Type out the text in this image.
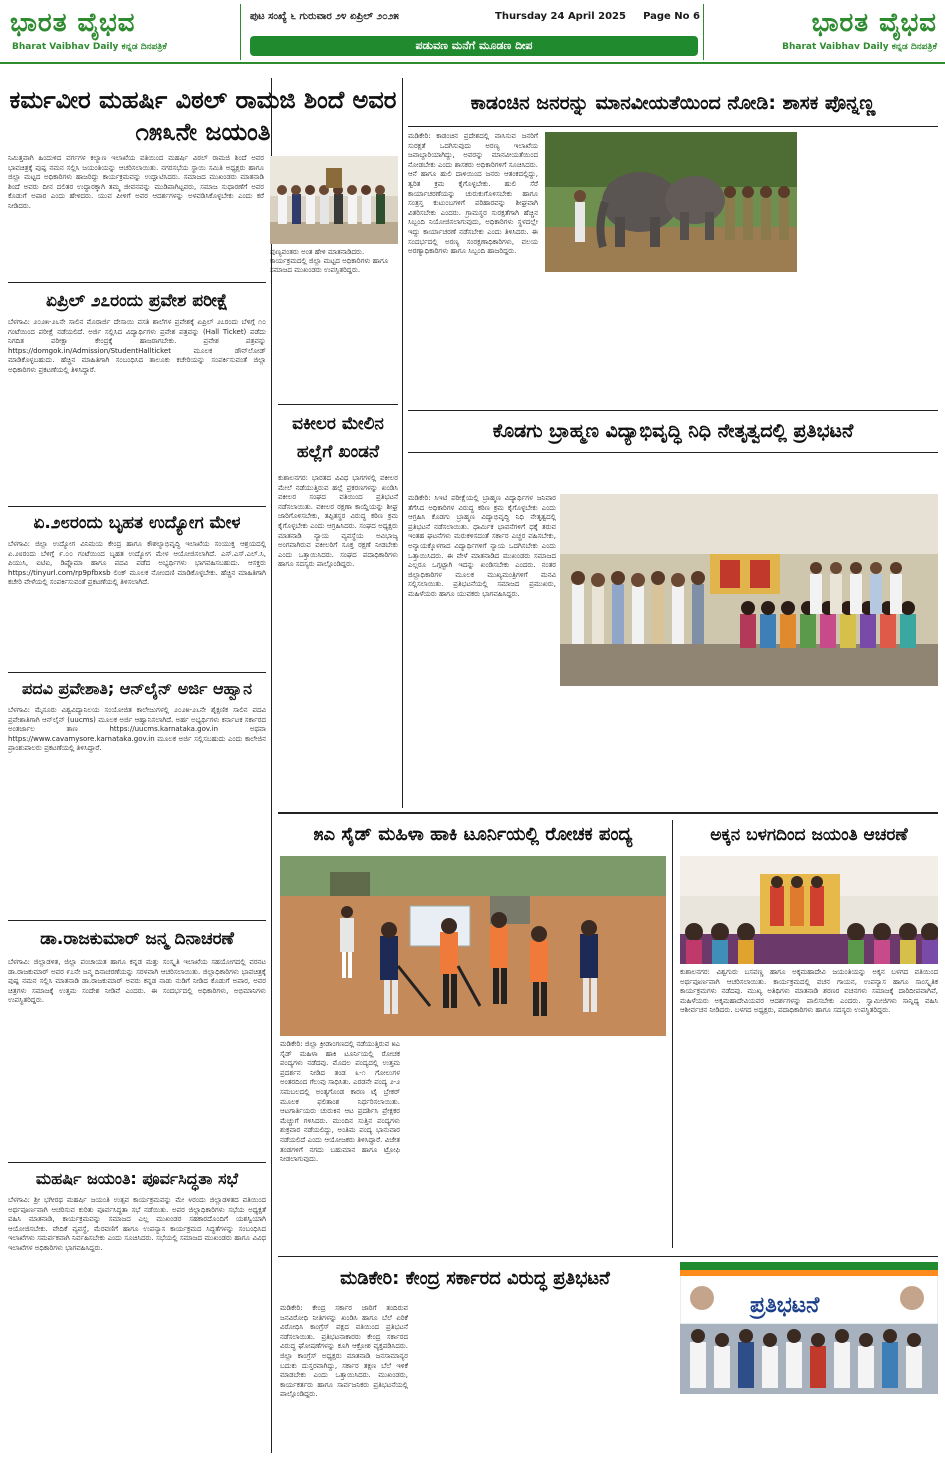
ಭಾರತ ವೈಭವ
Bharat Vaibhav Daily ಕನ್ನಡ ದಿನಪತ್ರಿಕೆ
ಭಾರತ ವೈಭವ
Bharat Vaibhav Daily ಕನ್ನಡ ದಿನಪತ್ರಿಕೆ
ಪುಟ ಸಂಖ್ಯೆ ೬ ಗುರುವಾರ ೨೪ ಏಪ್ರಿಲ್ ೨೦೨೫	Thursday 24 April 2025	Page No 6
ಪಡುವಣ ಮನೆಗೆ ಮೂಡಣ ದೀಪ
ಕರ್ಮವೀರ ಮಹರ್ಷಿ ವಿಠಲ್ ರಾಮಜಿ ಶಿಂದೆ ಅವರ ೧೫೩ನೇ ಜಯಂತಿ
ನಿಮಿತ್ತವಾಗಿ ಹಿಂದುಳಿದ ವರ್ಗಗಳ ಕಲ್ಯಾಣ ಇಲಾಖೆಯ ವತಿಯಿಂದ ಮಹರ್ಷಿ ವಿಠಲ್ ರಾಮಜಿ ಶಿಂದೆ ಅವರ ಭಾವಚಿತ್ರಕ್ಕೆ ಪುಷ್ಪ ನಮನ ಸಲ್ಲಿಸಿ ಜಯಂತಿಯನ್ನು ಆಚರಿಸಲಾಯಿತು. ನಗರಸಭೆಯ ಸ್ಥಾಯಿ ಸಮಿತಿ ಅಧ್ಯಕ್ಷರು ಹಾಗೂ ಜಿಲ್ಲಾ ಮಟ್ಟದ ಅಧಿಕಾರಿಗಳು ಹಾಜರಿದ್ದು ಕಾರ್ಯಕ್ರಮವನ್ನು ಉದ್ಘಾಟಿಸಿದರು. ಸಮಾಜದ ಮುಖಂಡರು ಮಾತನಾಡಿ ಶಿಂದೆ ಅವರು ದೀನ ದಲಿತರ ಉದ್ಧಾರಕ್ಕಾಗಿ ತಮ್ಮ ಜೀವನವನ್ನು ಮುಡಿಪಾಗಿಟ್ಟವರು, ಸಮಾಜ ಸುಧಾರಣೆಗೆ ಅವರ ಕೊಡುಗೆ ಅಪಾರ ಎಂದು ಹೇಳಿದರು. ಯುವ ಪೀಳಿಗೆ ಅವರ ಆದರ್ಶಗಳನ್ನು ಅಳವಡಿಸಿಕೊಳ್ಳಬೇಕು ಎಂದು ಕರೆ ನೀಡಿದರು.
ಪುಣ್ಯವಂತರು ಅಂತ ಹೇಳಿ ಮಾತನಾಡಿದರು. ಕಾರ್ಯಕ್ರಮದಲ್ಲಿ ಜಿಲ್ಲಾ ಮಟ್ಟದ ಅಧಿಕಾರಿಗಳು ಹಾಗೂ ಸಮಾಜದ ಮುಖಂಡರು ಉಪಸ್ಥಿತರಿದ್ದರು.
ಏಪ್ರಿಲ್ ೨೭ರಂದು ಪ್ರವೇಶ ಪರೀಕ್ಷೆ
ಬೆಳಗಾವಿ: ೨೦೨೫-೨೬ನೇ ಸಾಲಿನ ಮೊರಾರ್ಜಿ ದೇಸಾಯಿ ವಸತಿ ಶಾಲೆಗಳ ಪ್ರವೇಶಕ್ಕೆ ಏಪ್ರಿಲ್ ೨೭ರಂದು ಬೆಳಿಗ್ಗೆ ೧೦ ಗಂಟೆಯಿಂದ ಪರೀಕ್ಷೆ ನಡೆಯಲಿದೆ. ಅರ್ಜಿ ಸಲ್ಲಿಸಿದ ವಿದ್ಯಾರ್ಥಿಗಳು ಪ್ರವೇಶ ಪತ್ರವನ್ನು (Hall Ticket) ಪಡೆದು ನಿಗದಿತ ಪರೀಕ್ಷಾ ಕೇಂದ್ರಕ್ಕೆ ಹಾಜರಾಗಬೇಕು. ಪ್ರವೇಶ ಪತ್ರವನ್ನು https://domgok.in/Admission/StudentHallticket ಮೂಲಕ ಡೌನ್‌ಲೋಡ್ ಮಾಡಿಕೊಳ್ಳಬಹುದು. ಹೆಚ್ಚಿನ ಮಾಹಿತಿಗಾಗಿ ಸಂಬಂಧಿಸಿದ ತಾಲೂಕು ಕಚೇರಿಯನ್ನು ಸಂಪರ್ಕಿಸುವಂತೆ ಜಿಲ್ಲಾ ಅಧಿಕಾರಿಗಳು ಪ್ರಕಟಣೆಯಲ್ಲಿ ತಿಳಿಸಿದ್ದಾರೆ.
ಏ.೨೮ರಂದು ಬೃಹತ ಉದ್ಯೋಗ ಮೇಳ
ಬೆಳಗಾವಿ: ಜಿಲ್ಲಾ ಉದ್ಯೋಗ ವಿನಿಮಯ ಕೇಂದ್ರ ಹಾಗೂ ಕೌಶಲ್ಯಾಭಿವೃದ್ಧಿ ಇಲಾಖೆಯ ಸಂಯುಕ್ತ ಆಶ್ರಯದಲ್ಲಿ ಏ.೨೮ರಂದು ಬೆಳಿಗ್ಗೆ ೯.೦೦ ಗಂಟೆಯಿಂದ ಬೃಹತ ಉದ್ಯೋಗ ಮೇಳ ಆಯೋಜಿಸಲಾಗಿದೆ. ಎಸ್.ಎಸ್.ಎಲ್.ಸಿ, ಪಿಯುಸಿ, ಐಟಿಐ, ಡಿಪ್ಲೊಮಾ ಹಾಗೂ ಪದವಿ ಪಡೆದ ಅಭ್ಯರ್ಥಿಗಳು ಭಾಗವಹಿಸಬಹುದು. ಆಸಕ್ತರು https://tinyurl.com/rp9pfbxsb ಲಿಂಕ್ ಮೂಲಕ ನೋಂದಣಿ ಮಾಡಿಕೊಳ್ಳಬೇಕು. ಹೆಚ್ಚಿನ ಮಾಹಿತಿಗಾಗಿ ಕಚೇರಿ ವೇಳೆಯಲ್ಲಿ ಸಂಪರ್ಕಿಸುವಂತೆ ಪ್ರಕಟಣೆಯಲ್ಲಿ ತಿಳಿಸಲಾಗಿದೆ.
ಪದವಿ ಪ್ರವೇಶಾತಿ; ಆನ್‌ಲೈನ್ ಅರ್ಜಿ ಆಹ್ವಾನ
ಬೆಳಗಾವಿ: ಮೈಸೂರು ವಿಶ್ವವಿದ್ಯಾನಿಲಯ ಸಂಯೋಜಿತ ಕಾಲೇಜುಗಳಲ್ಲಿ ೨೦೨೫-೨೬ನೇ ಶೈಕ್ಷಣಿಕ ಸಾಲಿನ ಪದವಿ ಪ್ರವೇಶಾತಿಗಾಗಿ ಆನ್‌ಲೈನ್ (uucms) ಮೂಲಕ ಅರ್ಜಿ ಆಹ್ವಾನಿಸಲಾಗಿದೆ. ಅರ್ಹ ಅಭ್ಯರ್ಥಿಗಳು ಕರ್ನಾಟಕ ಸರ್ಕಾರದ ಅಂತರ್ಜಾಲ ತಾಣ https://uucms.karnataka.gov.in ಅಥವಾ https://www.cavamysore.karnataka.gov.in ಮೂಲಕ ಅರ್ಜಿ ಸಲ್ಲಿಸಬಹುದು ಎಂದು ಕಾಲೇಜಿನ ಪ್ರಾಂಶುಪಾಲರು ಪ್ರಕಟಣೆಯಲ್ಲಿ ತಿಳಿಸಿದ್ದಾರೆ.
ಡಾ.ರಾಜಕುಮಾರ್ ಜನ್ಮ ದಿನಾಚರಣೆ
ಬೆಳಗಾವಿ: ಜಿಲ್ಲಾಡಳಿತ, ಜಿಲ್ಲಾ ಪಂಚಾಯತ ಹಾಗೂ ಕನ್ನಡ ಮತ್ತು ಸಂಸ್ಕೃತಿ ಇಲಾಖೆಯ ಸಹಯೋಗದಲ್ಲಿ ವರನಟ ಡಾ.ರಾಜಕುಮಾರ್ ಅವರ ೯೭ನೇ ಜನ್ಮ ದಿನಾಚರಣೆಯನ್ನು ಸರಳವಾಗಿ ಆಚರಿಸಲಾಯಿತು. ಜಿಲ್ಲಾಧಿಕಾರಿಗಳು ಭಾವಚಿತ್ರಕ್ಕೆ ಪುಷ್ಪ ನಮನ ಸಲ್ಲಿಸಿ ಮಾತನಾಡಿ ಡಾ.ರಾಜಕುಮಾರ್ ಅವರು ಕನ್ನಡ ನಾಡು ನುಡಿಗೆ ನೀಡಿದ ಕೊಡುಗೆ ಅಪಾರ, ಅವರ ಚಿತ್ರಗಳು ಸಮಾಜಕ್ಕೆ ಉತ್ತಮ ಸಂದೇಶ ನೀಡಿವೆ ಎಂದರು. ಈ ಸಂದರ್ಭದಲ್ಲಿ ಅಧಿಕಾರಿಗಳು, ಅಭಿಮಾನಿಗಳು ಉಪಸ್ಥಿತರಿದ್ದರು.
ಮಹರ್ಷಿ ಜಯಂತಿ: ಪೂರ್ವಸಿದ್ಧತಾ ಸಭೆ
ಬೆಳಗಾವಿ: ಶ್ರೀ ಭಗೀರಥ ಮಹರ್ಷಿ ಜಯಂತಿ ಉತ್ಸವ ಕಾರ್ಯಕ್ರಮವನ್ನು ಮೇ ೪ರಂದು ಜಿಲ್ಲಾಡಳಿತದ ವತಿಯಿಂದ ಅರ್ಥಪೂರ್ಣವಾಗಿ ಆಚರಿಸುವ ಕುರಿತು ಪೂರ್ವಸಿದ್ಧತಾ ಸಭೆ ನಡೆಯಿತು. ಅಪರ ಜಿಲ್ಲಾಧಿಕಾರಿಗಳು ಸಭೆಯ ಅಧ್ಯಕ್ಷತೆ ವಹಿಸಿ ಮಾತನಾಡಿ, ಕಾರ್ಯಕ್ರಮವನ್ನು ಸಮಾಜದ ಎಲ್ಲ ಮುಖಂಡರ ಸಹಕಾರದೊಂದಿಗೆ ಯಶಸ್ವಿಯಾಗಿ ಆಯೋಜಿಸಬೇಕು. ವೇದಿಕೆ ವ್ಯವಸ್ಥೆ, ಮೆರವಣಿಗೆ ಹಾಗೂ ಉಪನ್ಯಾಸ ಕಾರ್ಯಕ್ರಮದ ಸಿದ್ಧತೆಗಳನ್ನು ಸಂಬಂಧಿಸಿದ ಇಲಾಖೆಗಳು ಸಮರ್ಪಕವಾಗಿ ನಿರ್ವಹಿಸಬೇಕು ಎಂದು ಸೂಚಿಸಿದರು. ಸಭೆಯಲ್ಲಿ ಸಮಾಜದ ಮುಖಂಡರು ಹಾಗೂ ವಿವಿಧ ಇಲಾಖೆಗಳ ಅಧಿಕಾರಿಗಳು ಭಾಗವಹಿಸಿದ್ದರು.
ಕಾಡಂಚಿನ ಜನರನ್ನು ಮಾನವೀಯತೆಯಿಂದ ನೋಡಿ: ಶಾಸಕ ಪೊನ್ನಣ್ಣ
ಮಡಿಕೇರಿ: ಕಾಡಂಚಿನ ಪ್ರದೇಶದಲ್ಲಿ ವಾಸಿಸುವ ಜನರಿಗೆ ಸುರಕ್ಷತೆ ಒದಗಿಸುವುದು ಅರಣ್ಯ ಇಲಾಖೆಯ ಜವಾಬ್ದಾರಿಯಾಗಿದ್ದು, ಅವರನ್ನು ಮಾನವೀಯತೆಯಿಂದ ನೋಡಬೇಕು ಎಂದು ಶಾಸಕರು ಅಧಿಕಾರಿಗಳಿಗೆ ಸೂಚಿಸಿದರು. ಆನೆ ಹಾಗೂ ಹುಲಿ ದಾಳಿಯಿಂದ ಜನರು ಆತಂಕದಲ್ಲಿದ್ದು, ತ್ವರಿತ ಕ್ರಮ ಕೈಗೊಳ್ಳಬೇಕು. ಹುಲಿ ಸೆರೆ ಕಾರ್ಯಾಚರಣೆಯನ್ನು ಚುರುಕುಗೊಳಿಸಬೇಕು ಹಾಗೂ ಸಂತ್ರಸ್ತ ಕುಟುಂಬಗಳಿಗೆ ಪರಿಹಾರವನ್ನು ಶೀಘ್ರವಾಗಿ ವಿತರಿಸಬೇಕು ಎಂದರು. ಗ್ರಾಮಸ್ಥರ ಸುರಕ್ಷತೆಗಾಗಿ ಹೆಚ್ಚಿನ ಸಿಬ್ಬಂದಿ ನಿಯೋಜಿಸಲಾಗುವುದು, ಅಧಿಕಾರಿಗಳು ಸ್ಥಳದಲ್ಲೇ ಇದ್ದು ಕಾರ್ಯಾಚರಣೆ ನಡೆಸಬೇಕು ಎಂದು ತಿಳಿಸಿದರು. ಈ ಸಂದರ್ಭದಲ್ಲಿ ಅರಣ್ಯ ಸಂರಕ್ಷಣಾಧಿಕಾರಿಗಳು, ವಲಯ ಅರಣ್ಯಾಧಿಕಾರಿಗಳು ಹಾಗೂ ಸಿಬ್ಬಂದಿ ಹಾಜರಿದ್ದರು.
ವಕೀಲರ ಮೇಲಿನ ಹಲ್ಲೆಗೆ ಖಂಡನೆ
ಕುಶಾಲನಗರ: ಭಾರತದ ವಿವಿಧ ಭಾಗಗಳಲ್ಲಿ ವಕೀಲರ ಮೇಲೆ ನಡೆಯುತ್ತಿರುವ ಹಲ್ಲೆ ಪ್ರಕರಣಗಳನ್ನು ಖಂಡಿಸಿ ವಕೀಲರ ಸಂಘದ ವತಿಯಿಂದ ಪ್ರತಿಭಟನೆ ನಡೆಸಲಾಯಿತು. ವಕೀಲರ ರಕ್ಷಣಾ ಕಾಯ್ದೆಯನ್ನು ಶೀಘ್ರ ಜಾರಿಗೊಳಿಸಬೇಕು, ತಪ್ಪಿತಸ್ಥರ ವಿರುದ್ಧ ಕಠಿಣ ಕ್ರಮ ಕೈಗೊಳ್ಳಬೇಕು ಎಂದು ಆಗ್ರಹಿಸಿದರು. ಸಂಘದ ಅಧ್ಯಕ್ಷರು ಮಾತನಾಡಿ ನ್ಯಾಯ ವ್ಯವಸ್ಥೆಯ ಅವಿಭಾಜ್ಯ ಅಂಗವಾಗಿರುವ ವಕೀಲರಿಗೆ ಸೂಕ್ತ ರಕ್ಷಣೆ ನೀಡಬೇಕು ಎಂದು ಒತ್ತಾಯಿಸಿದರು. ಸಂಘದ ಪದಾಧಿಕಾರಿಗಳು ಹಾಗೂ ಸದಸ್ಯರು ಪಾಲ್ಗೊಂಡಿದ್ದರು.
ಕೊಡಗು ಬ್ರಾಹ್ಮಣ ವಿದ್ಯಾಭಿವೃದ್ಧಿ ನಿಧಿ ನೇತೃತ್ವದಲ್ಲಿ ಪ್ರತಿಭಟನೆ
ಮಡಿಕೇರಿ: ಸಿಇಟಿ ಪರೀಕ್ಷೆಯಲ್ಲಿ ಬ್ರಾಹ್ಮಣ ವಿದ್ಯಾರ್ಥಿಗಳ ಜನಿವಾರ ತೆಗೆಸಿದ ಅಧಿಕಾರಿಗಳ ವಿರುದ್ಧ ಕಠಿಣ ಕ್ರಮ ಕೈಗೊಳ್ಳಬೇಕು ಎಂದು ಆಗ್ರಹಿಸಿ ಕೊಡಗು ಬ್ರಾಹ್ಮಣ ವಿದ್ಯಾಭಿವೃದ್ಧಿ ನಿಧಿ ನೇತೃತ್ವದಲ್ಲಿ ಪ್ರತಿಭಟನೆ ನಡೆಸಲಾಯಿತು. ಧಾರ್ಮಿಕ ಭಾವನೆಗಳಿಗೆ ಧಕ್ಕೆ ತರುವ ಇಂತಹ ಘಟನೆಗಳು ಮರುಕಳಿಸದಂತೆ ಸರ್ಕಾರ ಎಚ್ಚರ ವಹಿಸಬೇಕು, ಅನ್ಯಾಯಕ್ಕೊಳಗಾದ ವಿದ್ಯಾರ್ಥಿಗಳಿಗೆ ನ್ಯಾಯ ಒದಗಿಸಬೇಕು ಎಂದು ಒತ್ತಾಯಿಸಿದರು. ಈ ವೇಳೆ ಮಾತನಾಡಿದ ಮುಖಂಡರು ಸಮಾಜದ ಎಲ್ಲರೂ ಒಗ್ಗಟ್ಟಾಗಿ ಇದನ್ನು ಖಂಡಿಸಬೇಕು ಎಂದರು. ನಂತರ ಜಿಲ್ಲಾಧಿಕಾರಿಗಳ ಮೂಲಕ ಮುಖ್ಯಮಂತ್ರಿಗಳಿಗೆ ಮನವಿ ಸಲ್ಲಿಸಲಾಯಿತು. ಪ್ರತಿಭಟನೆಯಲ್ಲಿ ಸಮಾಜದ ಪ್ರಮುಖರು, ಮಹಿಳೆಯರು ಹಾಗೂ ಯುವಕರು ಭಾಗವಹಿಸಿದ್ದರು.
೫ಎ ಸೈಡ್ ಮಹಿಳಾ ಹಾಕಿ ಟೂರ್ನಿಯಲ್ಲಿ ರೋಚಕ ಪಂದ್ಯ
ಮಡಿಕೇರಿ: ಜಿಲ್ಲಾ ಕ್ರೀಡಾಂಗಣದಲ್ಲಿ ನಡೆಯುತ್ತಿರುವ ೫ಎ ಸೈಡ್ ಮಹಿಳಾ ಹಾಕಿ ಟೂರ್ನಿಯಲ್ಲಿ ರೋಚಕ ಪಂದ್ಯಗಳು ನಡೆದವು. ಮೊದಲ ಪಂದ್ಯದಲ್ಲಿ ಉತ್ತಮ ಪ್ರದರ್ಶನ ನೀಡಿದ ತಂಡ ೩-೧ ಗೋಲುಗಳ ಅಂತರದಿಂದ ಗೆಲುವು ಸಾಧಿಸಿತು. ಎರಡನೇ ಪಂದ್ಯ ೨-೨ ಸಮಬಲದಲ್ಲಿ ಅಂತ್ಯಗೊಂಡ ಕಾರಣ ಟೈ ಬ್ರೇಕರ್ ಮೂಲಕ ಫಲಿತಾಂಶ ನಿರ್ಧರಿಸಲಾಯಿತು. ಆಟಗಾರ್ತಿಯರು ಚುರುಕಿನ ಆಟ ಪ್ರದರ್ಶಿಸಿ ಪ್ರೇಕ್ಷಕರ ಮೆಚ್ಚುಗೆ ಗಳಿಸಿದರು. ಮುಂದಿನ ಸುತ್ತಿನ ಪಂದ್ಯಗಳು ಶುಕ್ರವಾರ ನಡೆಯಲಿದ್ದು, ಅಂತಿಮ ಪಂದ್ಯ ಭಾನುವಾರ ನಡೆಯಲಿದೆ ಎಂದು ಆಯೋಜಕರು ತಿಳಿಸಿದ್ದಾರೆ. ವಿಜೇತ ತಂಡಗಳಿಗೆ ನಗದು ಬಹುಮಾನ ಹಾಗೂ ಟ್ರೋಫಿ ನೀಡಲಾಗುವುದು.
ಅಕ್ಕನ ಬಳಗದಿಂದ ಜಯಂತಿ ಆಚರಣೆ
ಕುಶಾಲನಗರ: ವಿಶ್ವಗುರು ಬಸವಣ್ಣ ಹಾಗೂ ಅಕ್ಕಮಹಾದೇವಿ ಜಯಂತಿಯನ್ನು ಅಕ್ಕನ ಬಳಗದ ವತಿಯಿಂದ ಅರ್ಥಪೂರ್ಣವಾಗಿ ಆಚರಿಸಲಾಯಿತು. ಕಾರ್ಯಕ್ರಮದಲ್ಲಿ ವಚನ ಗಾಯನ, ಉಪನ್ಯಾಸ ಹಾಗೂ ಸಾಂಸ್ಕೃತಿಕ ಕಾರ್ಯಕ್ರಮಗಳು ನಡೆದವು. ಮುಖ್ಯ ಅತಿಥಿಗಳು ಮಾತನಾಡಿ ಶರಣರ ವಚನಗಳು ಸಮಾಜಕ್ಕೆ ದಾರಿದೀಪವಾಗಿವೆ, ಮಹಿಳೆಯರು ಅಕ್ಕಮಹಾದೇವಿಯವರ ಆದರ್ಶಗಳನ್ನು ಪಾಲಿಸಬೇಕು ಎಂದರು. ಸ್ವಾಮೀಜಿಗಳು ಸಾನ್ನಿಧ್ಯ ವಹಿಸಿ ಆಶೀರ್ವಚನ ನೀಡಿದರು. ಬಳಗದ ಅಧ್ಯಕ್ಷರು, ಪದಾಧಿಕಾರಿಗಳು ಹಾಗೂ ಸದಸ್ಯರು ಉಪಸ್ಥಿತರಿದ್ದರು.
ಮಡಿಕೇರಿ: ಕೇಂದ್ರ ಸರ್ಕಾರದ ವಿರುದ್ಧ ಪ್ರತಿಭಟನೆ
ಮಡಿಕೇರಿ: ಕೇಂದ್ರ ಸರ್ಕಾರ ಜಾರಿಗೆ ತಂದಿರುವ ಜನವಿರೋಧಿ ನೀತಿಗಳನ್ನು ಖಂಡಿಸಿ ಹಾಗೂ ಬೆಲೆ ಏರಿಕೆ ವಿರೋಧಿಸಿ ಕಾಂಗ್ರೆಸ್ ಪಕ್ಷದ ವತಿಯಿಂದ ಪ್ರತಿಭಟನೆ ನಡೆಸಲಾಯಿತು. ಪ್ರತಿಭಟನಾಕಾರರು ಕೇಂದ್ರ ಸರ್ಕಾರದ ವಿರುದ್ಧ ಘೋಷಣೆಗಳನ್ನು ಕೂಗಿ ಆಕ್ರೋಶ ವ್ಯಕ್ತಪಡಿಸಿದರು. ಜಿಲ್ಲಾ ಕಾಂಗ್ರೆಸ್ ಅಧ್ಯಕ್ಷರು ಮಾತನಾಡಿ ಜನಸಾಮಾನ್ಯರ ಬದುಕು ದುಸ್ತರವಾಗಿದ್ದು, ಸರ್ಕಾರ ತಕ್ಷಣ ಬೆಲೆ ಇಳಿಕೆ ಮಾಡಬೇಕು ಎಂದು ಒತ್ತಾಯಿಸಿದರು. ಮುಖಂಡರು, ಕಾರ್ಯಕರ್ತರು ಹಾಗೂ ಸಾರ್ವಜನಿಕರು ಪ್ರತಿಭಟನೆಯಲ್ಲಿ ಪಾಲ್ಗೊಂಡಿದ್ದರು.
ಪ್ರತಿಭಟನೆ
